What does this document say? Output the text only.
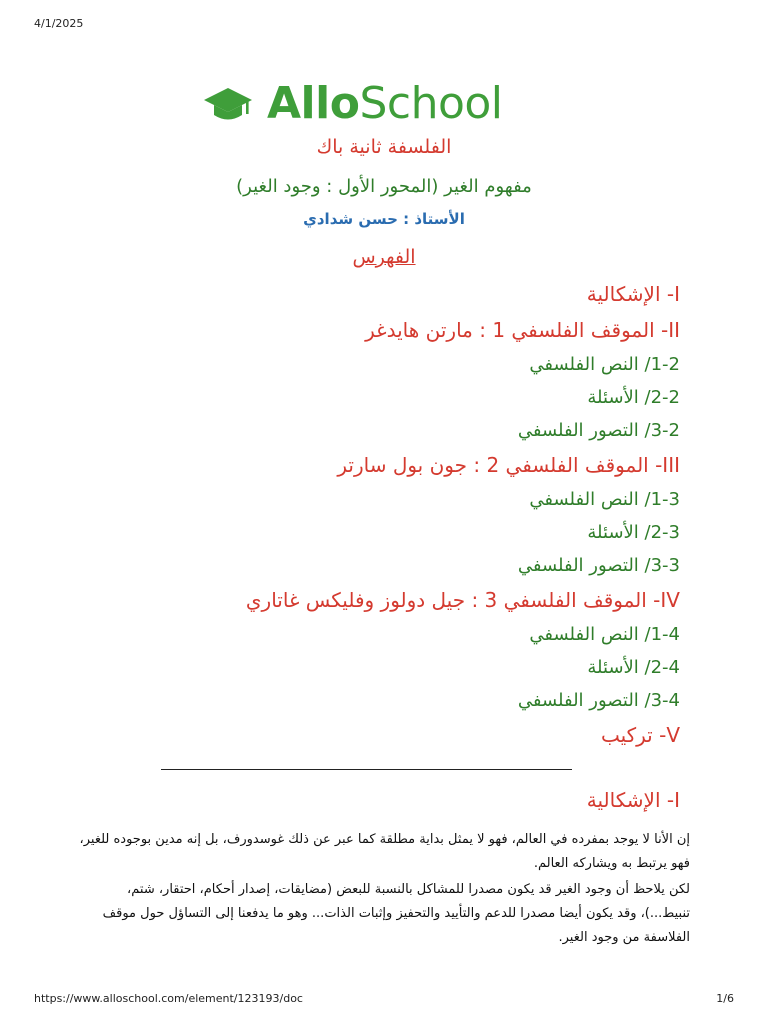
4/1/2025
AlloSchool
الفلسفة ثانية باك
مفهوم الغير (المحور الأول : وجود الغير)
الأستاذ : حسن شدادي
الفهرس
I- الإشكالية
II- الموقف الفلسفي 1 : مارتن هايدغر
1-2/ النص الفلسفي
2-2/ الأسئلة
3-2/ التصور الفلسفي
III- الموقف الفلسفي 2 : جون بول سارتر
1-3/ النص الفلسفي
2-3/ الأسئلة
3-3/ التصور الفلسفي
IV- الموقف الفلسفي 3 : جيل دولوز وفليكس غاتاري
1-4/ النص الفلسفي
2-4/ الأسئلة
3-4/ التصور الفلسفي
V- تركيب
I- الإشكالية
إن الأنا لا يوجد بمفرده في العالم، فهو لا يمثل بداية مطلقة كما عبر عن ذلك غوسدورف، بل إنه مدين بوجوده للغير، فهو يرتبط به ويشاركه العالم.
لكن يلاحظ أن وجود الغير قد يكون مصدرا للمشاكل بالنسبة للبعض (مضايقات، إصدار أحكام، احتقار، شتم، تنبيط...)، وقد يكون أيضا مصدرا للدعم والتأييد والتحفيز وإثبات الذات... وهو ما يدفعنا إلى التساؤل حول موقف الفلاسفة من وجود الغير.
https://www.alloschool.com/element/123193/doc	1/6
